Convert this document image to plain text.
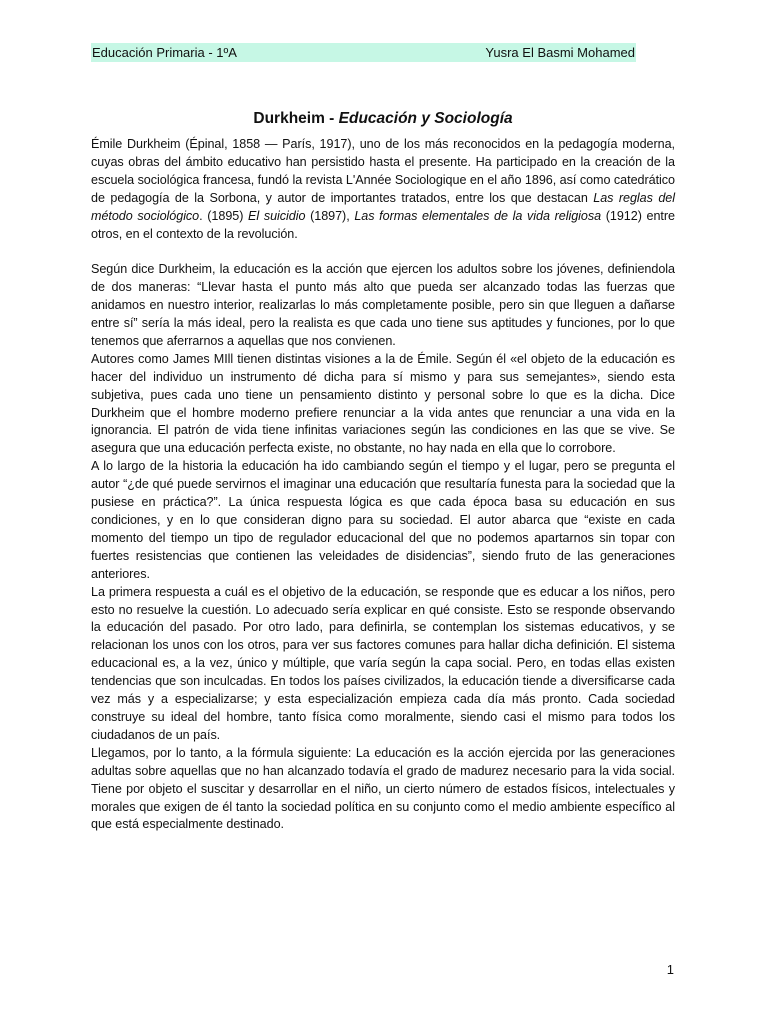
Educación Primaria - 1ºA	Yusra El Basmi Mohamed
Durkheim - Educación y Sociología

Émile Durkheim (Épinal, 1858 — París, 1917), uno de los más reconocidos en la pedagogía moderna, cuyas obras del ámbito educativo han persistido hasta el presente. Ha participado en la creación de la escuela sociológica francesa, fundó la revista L'Année Sociologique en el año 1896, así como catedrático de pedagogía de la Sorbona, y autor de importantes tratados, entre los que destacan Las reglas del método sociológico. (1895) El suicidio (1897), Las formas elementales de la vida religiosa (1912) entre otros, en el contexto de la revolución.

Según dice Durkheim, la educación es la acción que ejercen los adultos sobre los jóvenes, definiendola de dos maneras: “Llevar hasta el punto más alto que pueda ser alcanzado todas las fuerzas que anidamos en nuestro interior, realizarlas lo más completamente posible, pero sin que lleguen a dañarse entre sí” sería la más ideal, pero la realista es que cada uno tiene sus aptitudes y funciones, por lo que tenemos que aferrarnos a aquellas que nos convienen.

Autores como James MIll tienen distintas visiones a la de Émile. Según él «el objeto de la educación es hacer del individuo un instrumento dé dicha para sí mismo y para sus semejantes», siendo esta subjetiva, pues cada uno tiene un pensamiento distinto y personal sobre lo que es la dicha. Dice Durkheim que el hombre moderno prefiere renunciar a la vida antes que renunciar a una vida en la ignorancia. El patrón de vida tiene infinitas variaciones según las condiciones en las que se vive. Se asegura que una educación perfecta existe, no obstante, no hay nada en ella que lo corrobore.

A lo largo de la historia la educación ha ido cambiando según el tiempo y el lugar, pero se pregunta el autor “¿de qué puede servirnos el imaginar una educación que resultaría funesta para la sociedad que la pusiese en práctica?”. La única respuesta lógica es que cada época basa su educación en sus condiciones, y en lo que consideran digno para su sociedad. El autor abarca que “existe en cada momento del tiempo un tipo de regulador educacional del que no podemos apartarnos sin topar con fuertes resistencias que contienen las veleidades de disidencias”, siendo fruto de las generaciones anteriores.

La primera respuesta a cuál es el objetivo de la educación, se responde que es educar a los niños, pero esto no resuelve la cuestión. Lo adecuado sería explicar en qué consiste. Esto se responde observando la educación del pasado. Por otro lado, para definirla, se contemplan los sistemas educativos, y se relacionan los unos con los otros, para ver sus factores comunes para hallar dicha definición. El sistema educacional es, a la vez, único y múltiple, que varía según la capa social. Pero, en todas ellas existen tendencias que son inculcadas. En todos los países civilizados, la educación tiende a diversificarse cada vez más y a especializarse; y esta especialización empieza cada día más pronto. Cada sociedad construye su ideal del hombre, tanto física como moralmente, siendo casi el mismo para todos los ciudadanos de un país.

Llegamos, por lo tanto, a la fórmula siguiente: La educación es la acción ejercida por las generaciones adultas sobre aquellas que no han alcanzado todavía el grado de madurez necesario para la vida social. Tiene por objeto el suscitar y desarrollar en el niño, un cierto número de estados físicos, intelectuales y morales que exigen de él tanto la sociedad política en su conjunto como el medio ambiente específico al que está especialmente destinado.

1
